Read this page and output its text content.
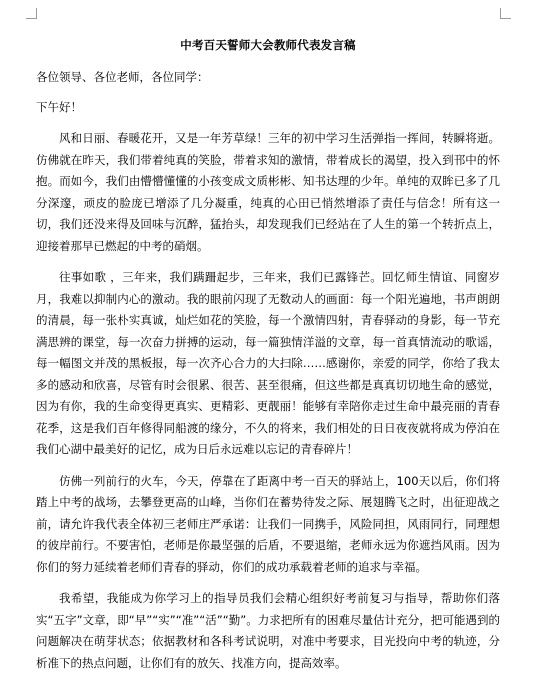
中考百天誓师大会教师代表发言稿
各位领导、各位老师，各位同学：
下午好！

风和日丽、春暖花开，又是一年芳草绿！三年的初中学习生活弹指一挥间，转瞬将逝。仿佛就在昨天，我们带着纯真的笑脸，带着求知的激情，带着成长的渴望，投入到邗中的怀抱。而如今，我们由懵懵懂懂的小孩变成文质彬彬、知书达理的少年。单纯的双眸已多了几分深邃，顽皮的脸庞已增添了几分凝重，纯真的心田已悄然增添了责任与信念！所有这一切，我们还没来得及回味与沉醉，猛抬头，却发现我们已经站在了人生的第一个转折点上，迎接着那早已燃起的中考的硝烟。

往事如歌 ，三年来，我们蹒跚起步，三年来，我们已露锋芒。回忆师生情谊、同窗岁月，我难以抑制内心的激动。我的眼前闪现了无数动人的画面：每一个阳光遍地，书声朗朗的清晨，每一张朴实真诚，灿烂如花的笑脸，每一个激情四射，青春驿动的身影，每一节充满思辨的课堂，每一次奋力拼搏的运动，每一篇独情洋溢的文章，每一首真情流动的歌谣，每一幅图文并茂的黑板报，每一次齐心合力的大扫除……感谢你，亲爱的同学，你给了我太多的感动和欣喜，尽管有时会很累、很苦、甚至很痛，但这些都是真真切切地生命的感觉，因为有你，我的生命变得更真实、更精彩、更靓丽！能够有幸陪你走过生命中最亮丽的青春花季，这是我们百年修得同船渡的缘分，不久的将来，我们相处的日日夜夜就将成为停泊在我们心湖中最美好的记忆，成为日后永远难以忘记的青春碎片！

仿佛一列前行的火车，今天，停靠在了距离中考一百天的驿站上，100天以后，你们将踏上中考的战场，去攀登更高的山峰，当你们在蓄势待发之际、展翅腾飞之时，出征迎战之前，请允许我代表全体初三老师庄严承诺：让我们一同携手，风险同担，风雨同行，同理想的彼岸前行。不要害怕，老师是你最坚强的后盾，不要退缩，老师永远为你遮挡风雨。因为你们的努力延续着老师们青春的驿动，你们的成功承载着老师的追求与幸福。

我希望，我能成为你学习上的指导员我们会精心组织好考前复习与指导，帮助你们落实“五字”文章，即“早”“实”“准”“活”“勤”。力求把所有的困难尽量估计充分，把可能遇到的问题解决在萌芽状态；依据教材和各科考试说明，对准中考要求，目光投向中考的轨迹，分析准下的热点问题，让你们有的放矢、找准方向，提高效率。
